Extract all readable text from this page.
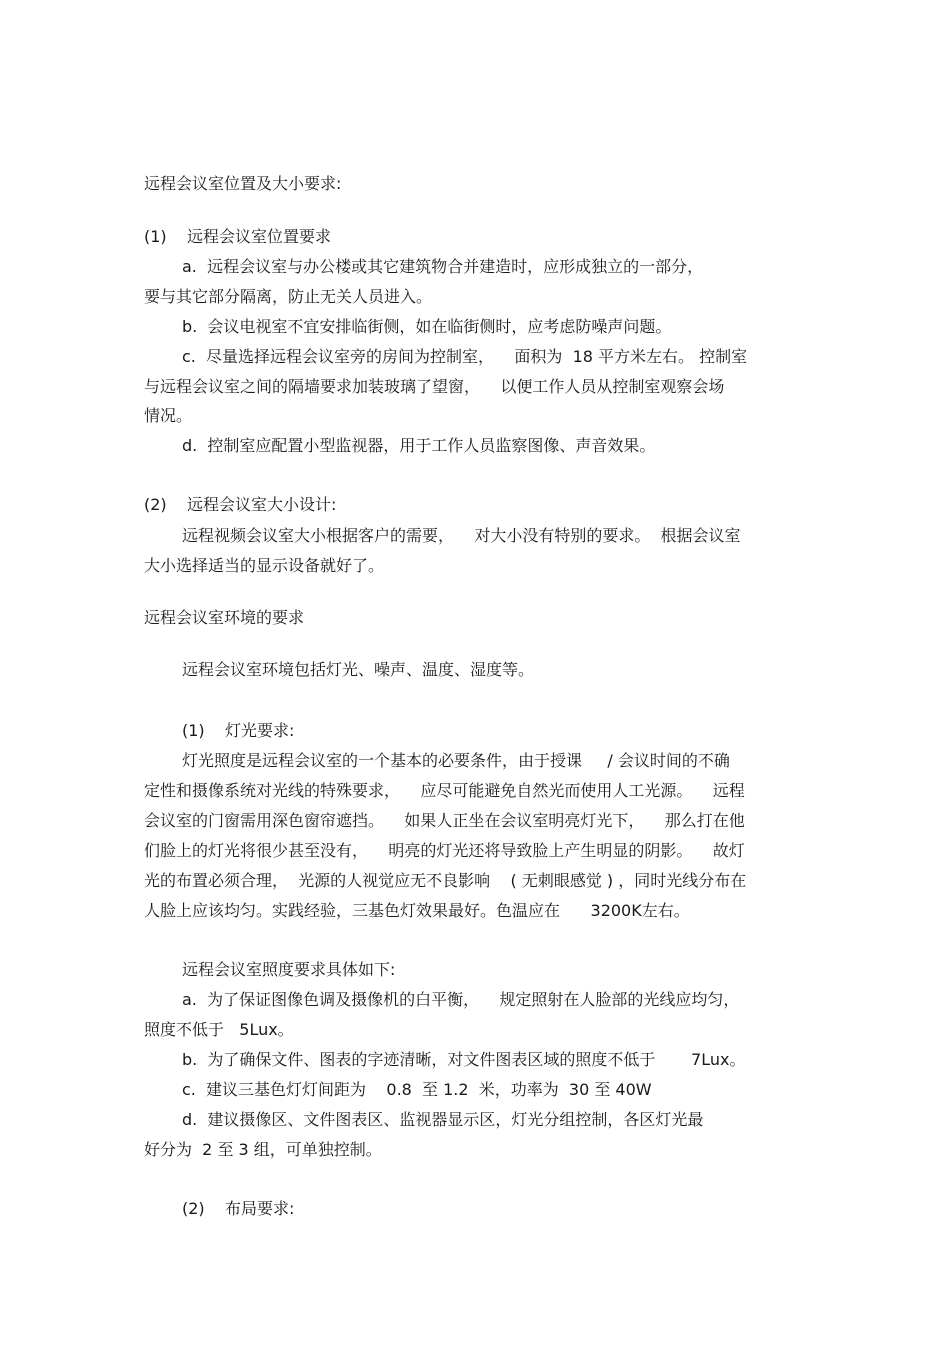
远程会议室位置及大小要求:
(1)    远程会议室位置要求
a.  远程会议室与办公楼或其它建筑物合并建造时，应形成独立的一部分，
要与其它部分隔离，防止无关人员进入。
b.  会议电视室不宜安排临街侧，如在临街侧时，应考虑防噪声问题。
c.  尽量选择远程会议室旁的房间为控制室，    面积为  18 平方米左右。 控制室
与远程会议室之间的隔墙要求加装玻璃了望窗，    以便工作人员从控制室观察会场
情况。
d.  控制室应配置小型监视器，用于工作人员监察图像、声音效果。
(2)    远程会议室大小设计:
远程视频会议室大小根据客户的需要，    对大小没有特别的要求。  根据会议室
大小选择适当的显示设备就好了。
远程会议室环境的要求
远程会议室环境包括灯光、噪声、温度、湿度等。
(1)    灯光要求:
灯光照度是远程会议室的一个基本的必要条件，由于授课     / 会议时间的不确
定性和摄像系统对光线的特殊要求，    应尽可能避免自然光而使用人工光源。    远程
会议室的门窗需用深色窗帘遮挡。    如果人正坐在会议室明亮灯光下，    那么打在他
们脸上的灯光将很少甚至没有，    明亮的灯光还将导致脸上产生明显的阴影。    故灯
光的布置必须合理，  光源的人视觉应无不良影响    ( 无刺眼感觉 ) ，同时光线分布在
人脸上应该均匀。实践经验，三基色灯效果最好。色温应在      3200K左右。
远程会议室照度要求具体如下:
a.  为了保证图像色调及摄像机的白平衡，    规定照射在人脸部的光线应均匀，
照度不低于   5Lux。
b.  为了确保文件、图表的字迹清晰，对文件图表区域的照度不低于       7Lux。
c.  建议三基色灯灯间距为    0.8  至 1.2  米，功率为  30 至 40W
d.  建议摄像区、文件图表区、监视器显示区，灯光分组控制，各区灯光最
好分为  2 至 3 组，可单独控制。
(2)    布局要求:
